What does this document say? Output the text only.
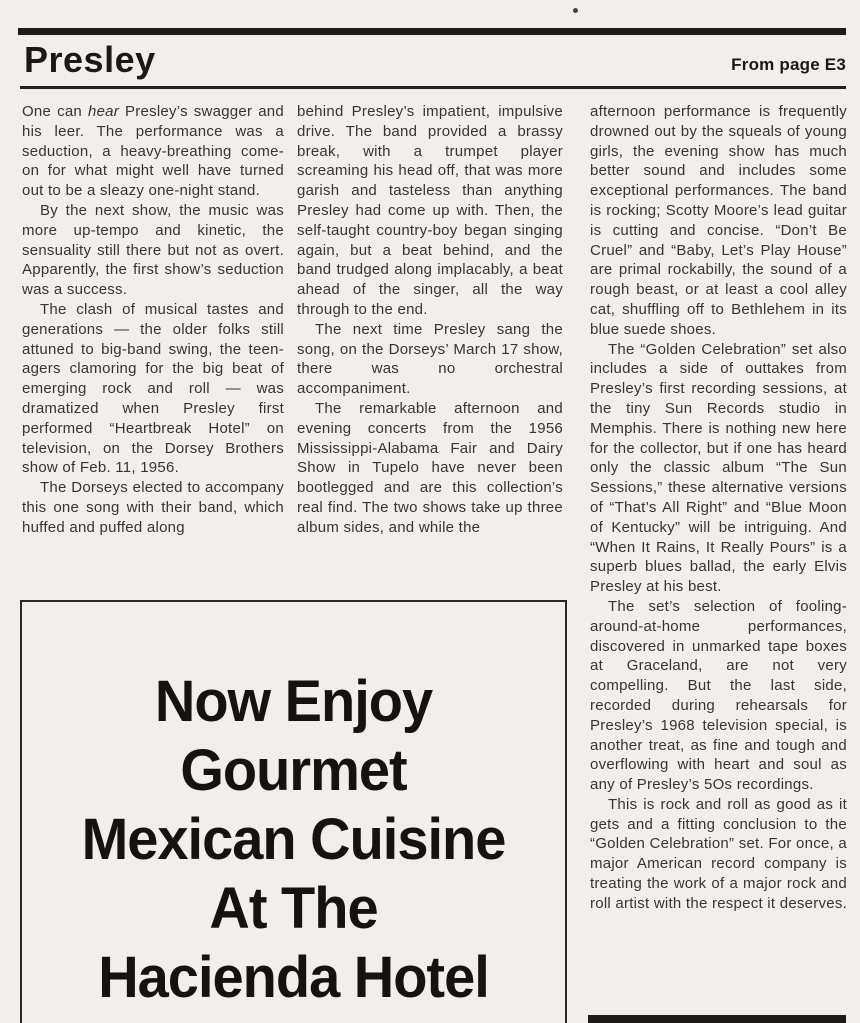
Presley	From page E3

One can hear Presley’s swagger and his leer. The performance was a seduction, a heavy-breathing come-on for what might well have turned out to be a sleazy one-night stand.

By the next show, the music was more up-tempo and kinetic, the sensuality still there but not as overt. Apparently, the first show’s seduction was a success.

The clash of musical tastes and generations — the older folks still attuned to big-band swing, the teen-agers clamoring for the big beat of emerging rock and roll — was dramatized when Presley first performed “Heartbreak Hotel” on television, on the Dorsey Brothers show of Feb. 11, 1956.

The Dorseys elected to accompany this one song with their band, which huffed and puffed along

behind Presley’s impatient, impulsive drive. The band provided a brassy break, with a trumpet player screaming his head off, that was more garish and tasteless than anything Presley had come up with. Then, the self-taught country-boy began singing again, but a beat behind, and the band trudged along implacably, a beat ahead of the singer, all the way through to the end.

The next time Presley sang the song, on the Dorseys’ March 17 show, there was no orchestral accompaniment.

The remarkable afternoon and evening concerts from the 1956 Mississippi-Alabama Fair and Dairy Show in Tupelo have never been bootlegged and are this collection’s real find. The two shows take up three album sides, and while the

afternoon performance is frequently drowned out by the squeals of young girls, the evening show has much better sound and includes some exceptional performances. The band is rocking; Scotty Moore’s lead guitar is cutting and concise. “Don’t Be Cruel” and “Baby, Let’s Play House” are primal rockabilly, the sound of a rough beast, or at least a cool alley cat, shuffling off to Bethlehem in its blue suede shoes.

The “Golden Celebration” set also includes a side of outtakes from Presley’s first recording sessions, at the tiny Sun Records studio in Memphis. There is nothing new here for the collector, but if one has heard only the classic album “The Sun Sessions,” these alternative versions of “That’s All Right” and “Blue Moon of Kentucky” will be intriguing. And “When It Rains, It Really Pours” is a superb blues ballad, the early Elvis Presley at his best.

The set’s selection of fooling-around-at-home performances, discovered in unmarked tape boxes at Graceland, are not very compelling. But the last side, recorded during rehearsals for Presley’s 1968 television special, is another treat, as fine and tough and overflowing with heart and soul as any of Presley’s 5Os recordings.

This is rock and roll as good as it gets and a fitting conclusion to the “Golden Celebration” set. For once, a major American record company is treating the work of a major rock and roll artist with the respect it deserves.

Now Enjoy
Gourmet
Mexican Cuisine
At The
Hacienda Hotel
